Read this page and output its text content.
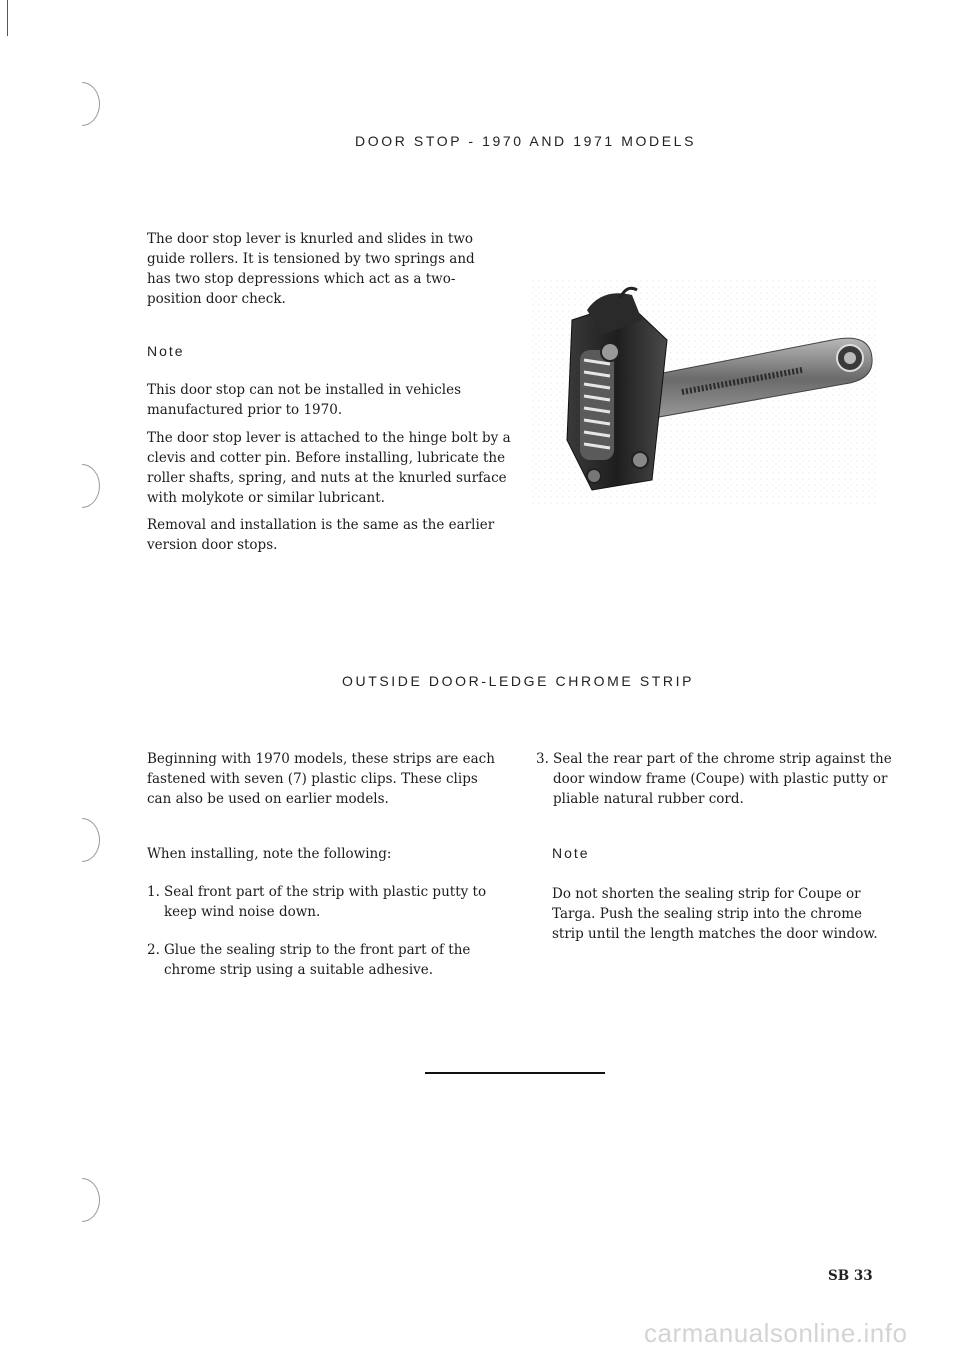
DOOR STOP - 1970 AND 1971 MODELS

The door stop lever is knurled and slides in two guide rollers. It is tensioned by two springs and has two stop depressions which act as a two-position door check.

Note

This door stop can not be installed in vehicles manufactured prior to 1970.

The door stop lever is attached to the hinge bolt by a clevis and cotter pin. Before installing, lubricate the roller shafts, spring, and nuts at the knurled surface with molykote or similar lubricant.

Removal and installation is the same as the earlier version door stops.

OUTSIDE DOOR-LEDGE CHROME STRIP

Beginning with 1970 models, these strips are each fastened with seven (7) plastic clips. These clips can also be used on earlier models.

When installing, note the following:

1. Seal front part of the strip with plastic putty to keep wind noise down.
2. Glue the sealing strip to the front part of the chrome strip using a suitable adhesive.
3. Seal the rear part of the chrome strip against the door window frame (Coupe) with plastic putty or pliable natural rubber cord.
Note

Do not shorten the sealing strip for Coupe or Targa. Push the sealing strip into the chrome strip until the length matches the door window.

SB 33
carmanualsonline.info
